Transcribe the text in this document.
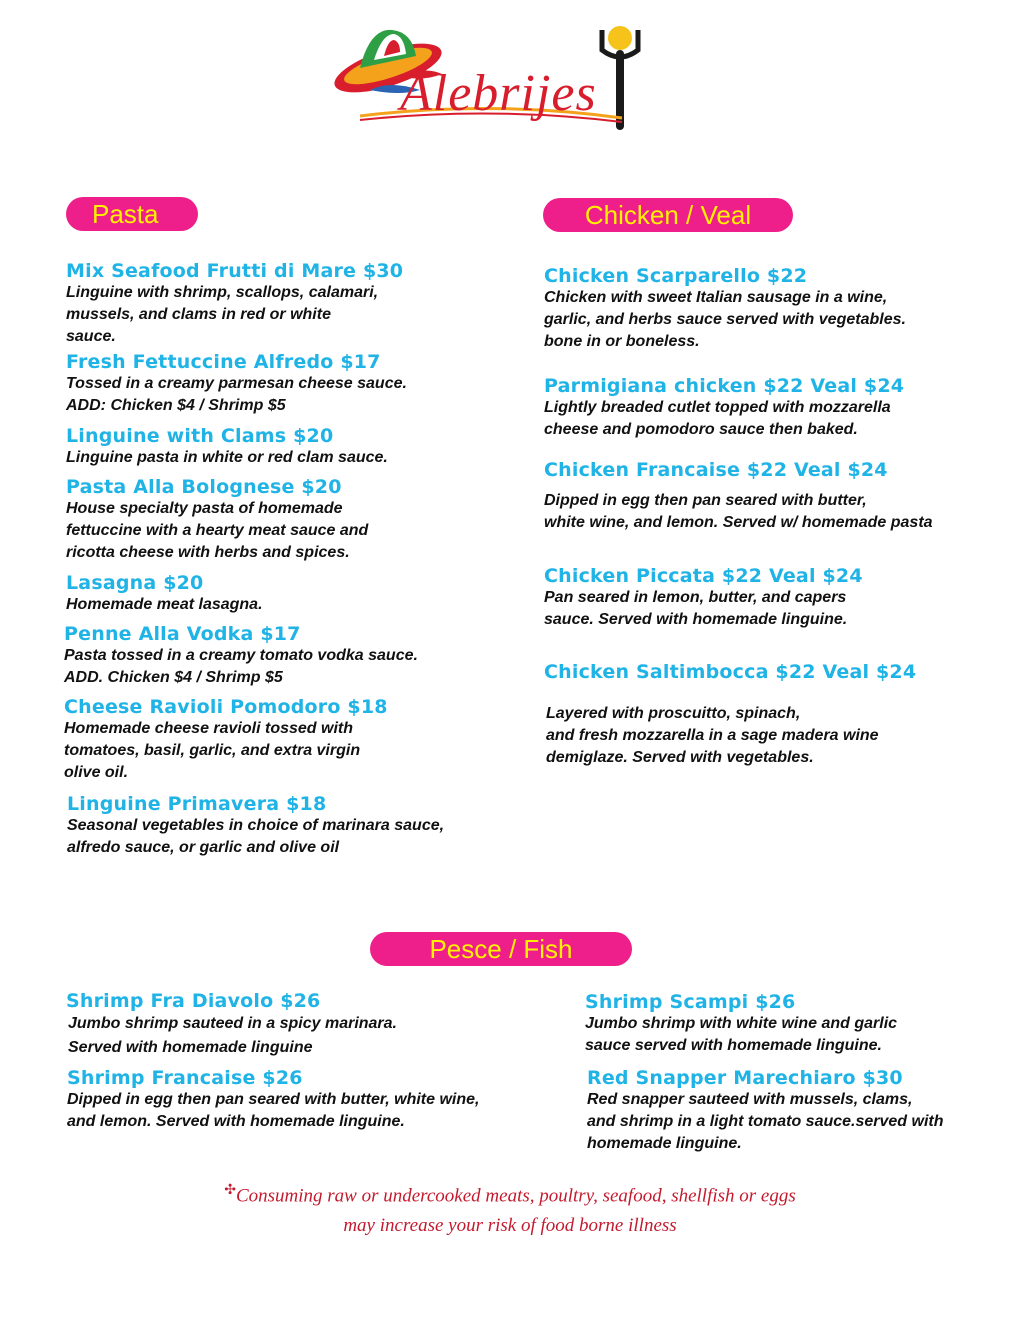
Alebrijes
Pasta	Chicken / Veal
Pesce / Fish
Mix Seafood Frutti di Mare $30
Linguine with shrimp, scallops, calamari,
mussels, and clams in red or white
sauce.
Fresh Fettuccine Alfredo $17
Tossed in a creamy parmesan cheese sauce.
ADD: Chicken $4 / Shrimp $5
Linguine with Clams $20
Linguine pasta in white or red clam sauce.
Pasta Alla Bolognese $20
House specialty pasta of homemade
fettuccine with a hearty meat sauce and
ricotta cheese with herbs and spices.
Lasagna $20
Homemade meat lasagna.
Penne Alla Vodka $17
Pasta tossed in a creamy tomato vodka sauce.
ADD. Chicken $4 / Shrimp $5
Cheese Ravioli Pomodoro $18
Homemade cheese ravioli tossed with
tomatoes, basil, garlic, and extra virgin
olive oil.
Linguine Primavera $18
Seasonal vegetables in choice of marinara sauce,
alfredo sauce, or garlic and olive oil
Chicken Scarparello $22
Chicken with sweet Italian sausage in a wine,
garlic, and herbs sauce served with vegetables.
bone in or boneless.
Parmigiana chicken $22 Veal $24
Lightly breaded cutlet topped with mozzarella
cheese and pomodoro sauce then baked.
Chicken Francaise $22 Veal $24
Dipped in egg then pan seared with butter,
white wine, and lemon. Served w/ homemade pasta
Chicken Piccata $22 Veal $24
Pan seared in lemon, butter, and capers
sauce. Served with homemade linguine.
Chicken Saltimbocca $22 Veal $24
Layered with proscuitto, spinach,
and fresh mozzarella in a sage madera wine
demiglaze. Served with vegetables.
Shrimp Fra Diavolo $26
Jumbo shrimp sauteed in a spicy marinara.
Served with homemade linguine
Shrimp Francaise $26
Dipped in egg then pan seared with butter, white wine,
and lemon. Served with homemade linguine.
Shrimp Scampi $26
Jumbo shrimp with white wine and garlic
sauce served with homemade linguine.
Red Snapper Marechiaro $30
Red snapper sauteed with mussels, clams,
and shrimp in a light tomato sauce.served with
homemade linguine.
✣Consuming raw or undercooked meats, poultry, seafood, shellfish or eggs
may increase your risk of food borne illness
